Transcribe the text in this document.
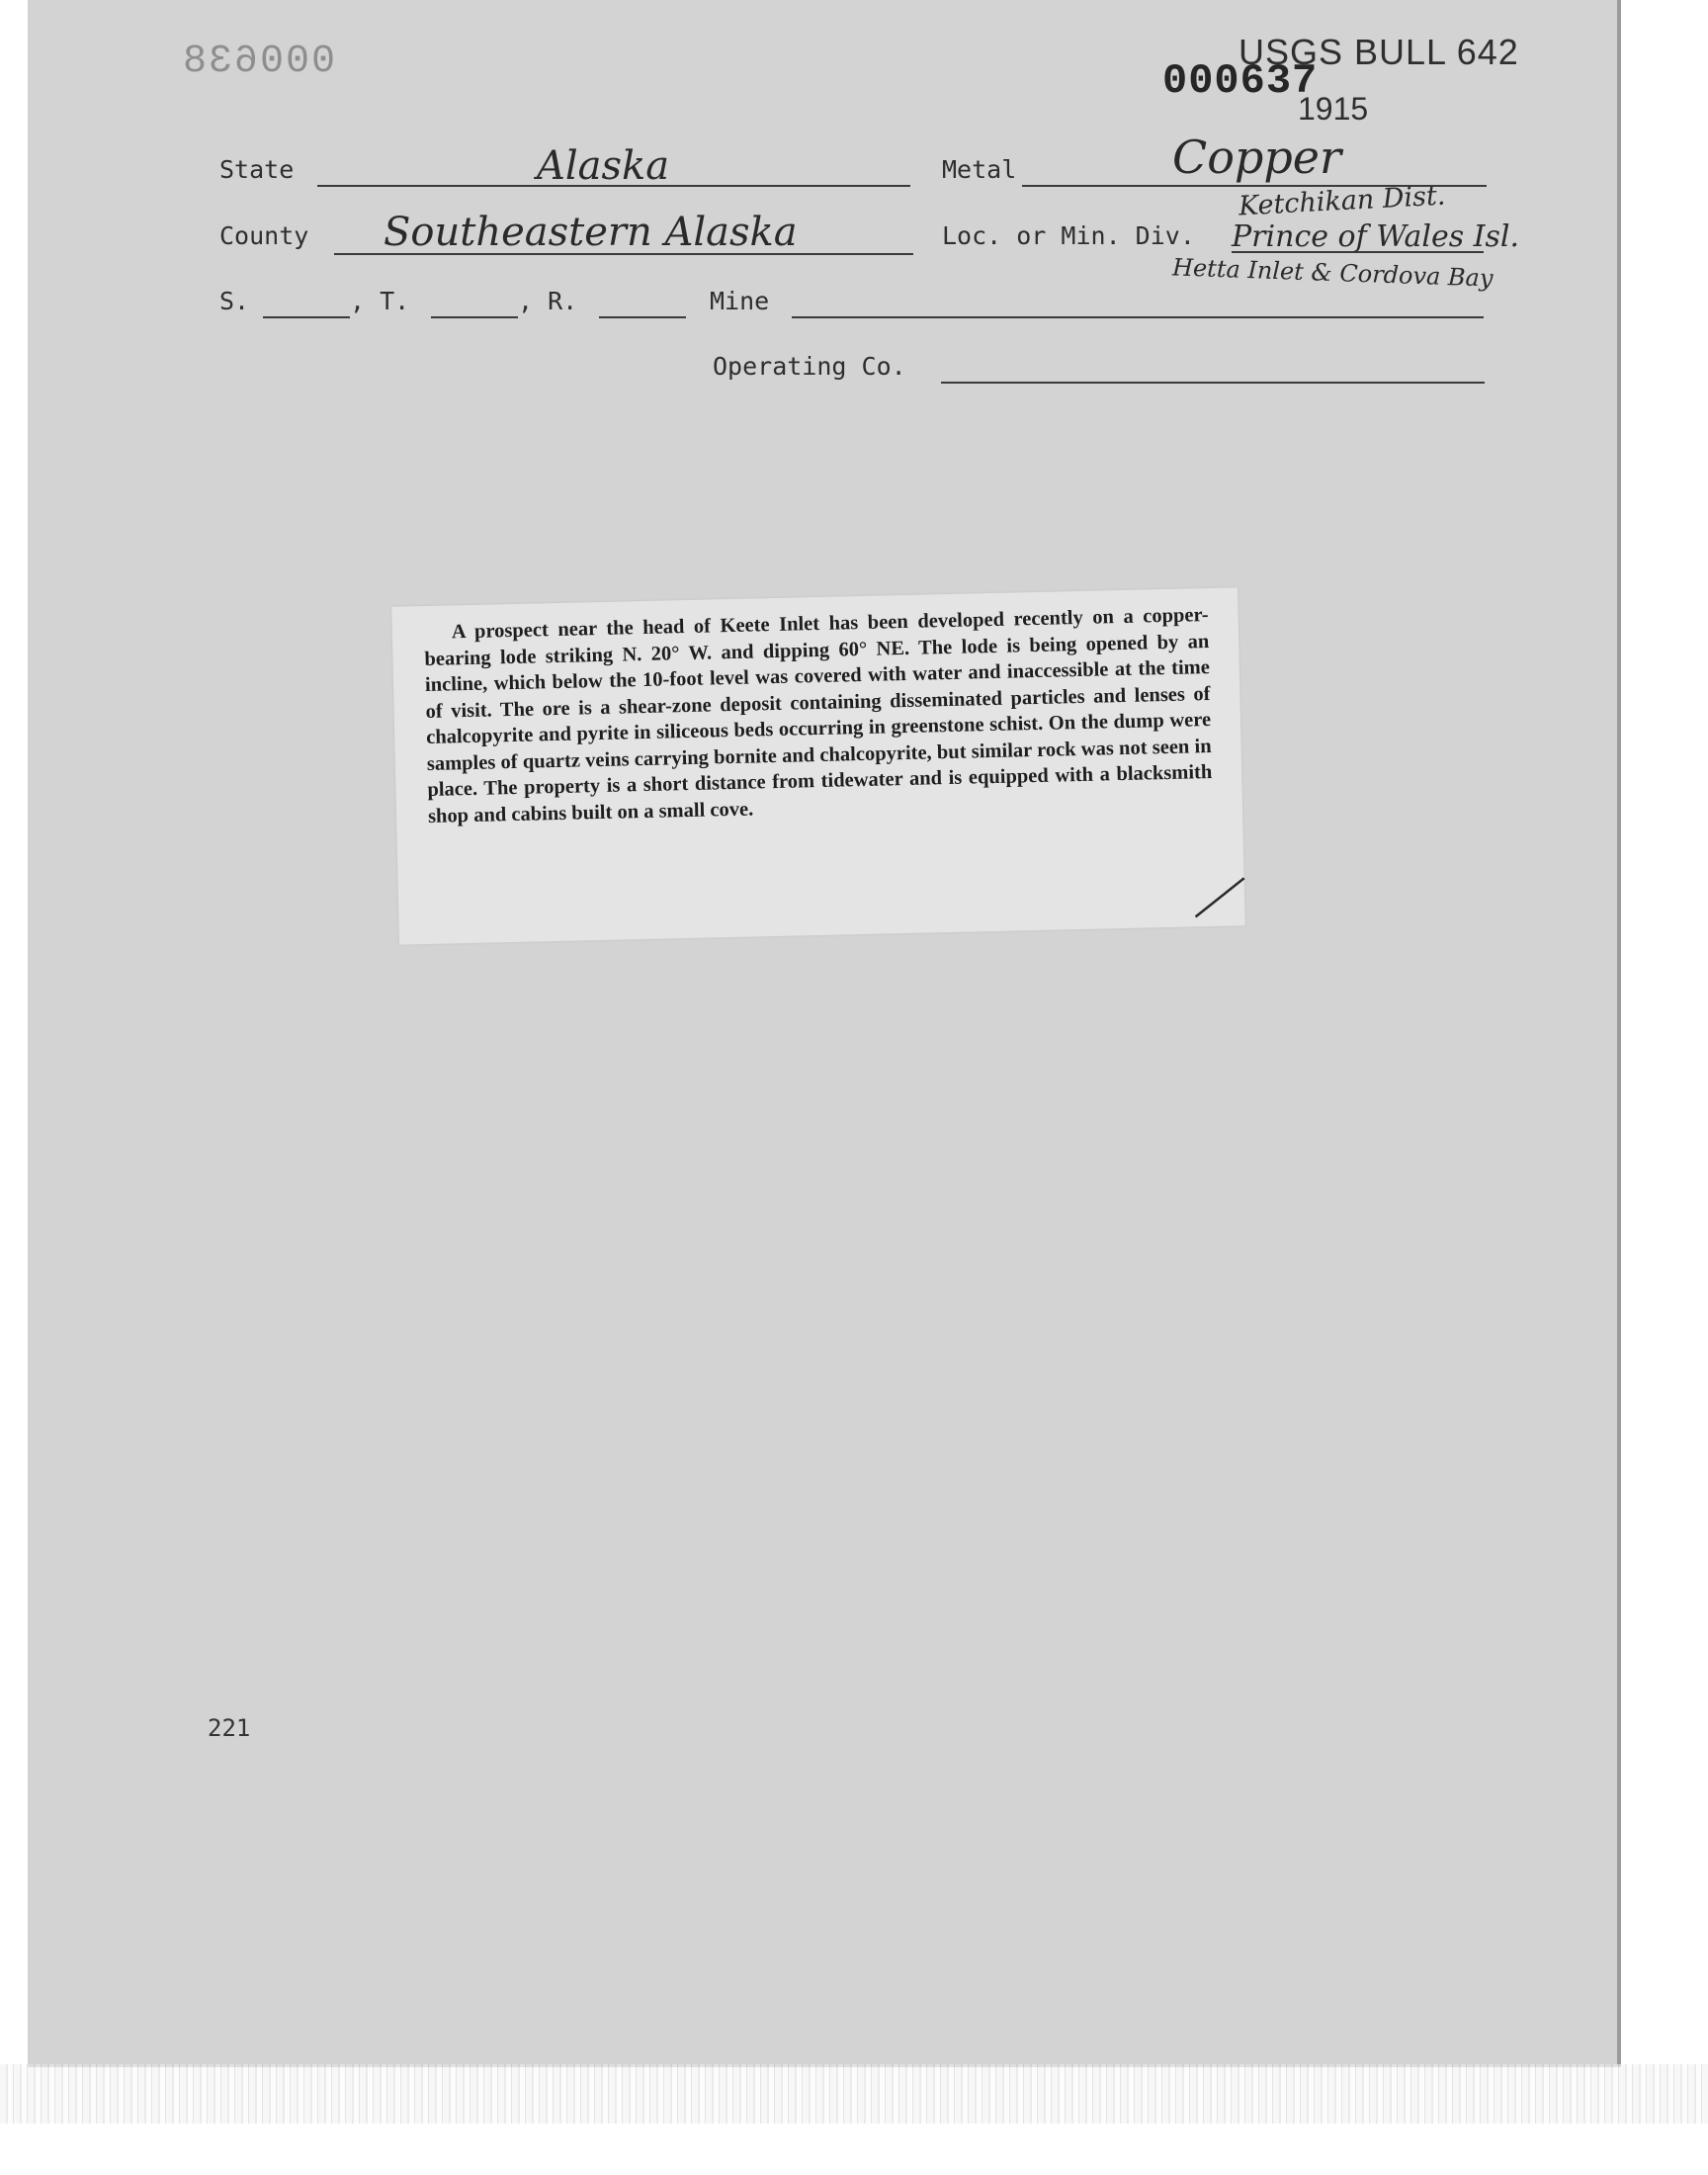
000638	000637
USGS BULL 642
1915
State	Alaska	Metal	Copper
County Southeastern Alaska	Loc. or Min. Div.
Ketchikan Dist.
Prince of Wales Isl.
Hetta Inlet & Cordova Bay
S.	, T.	, R.	Mine
Operating Co.
221

A prospect near the head of Keete Inlet has been developed recently on a copper-bearing lode striking N. 20° W. and dipping 60° NE. The lode is being opened by an incline, which below the 10-foot level was covered with water and inaccessible at the time of visit. The ore is a shear-zone deposit containing disseminated particles and lenses of chalcopyrite and pyrite in siliceous beds occurring in greenstone schist. On the dump were samples of quartz veins carrying bornite and chalcopyrite, but similar rock was not seen in place. The property is a short distance from tidewater and is equipped with a blacksmith shop and cabins built on a small cove.
